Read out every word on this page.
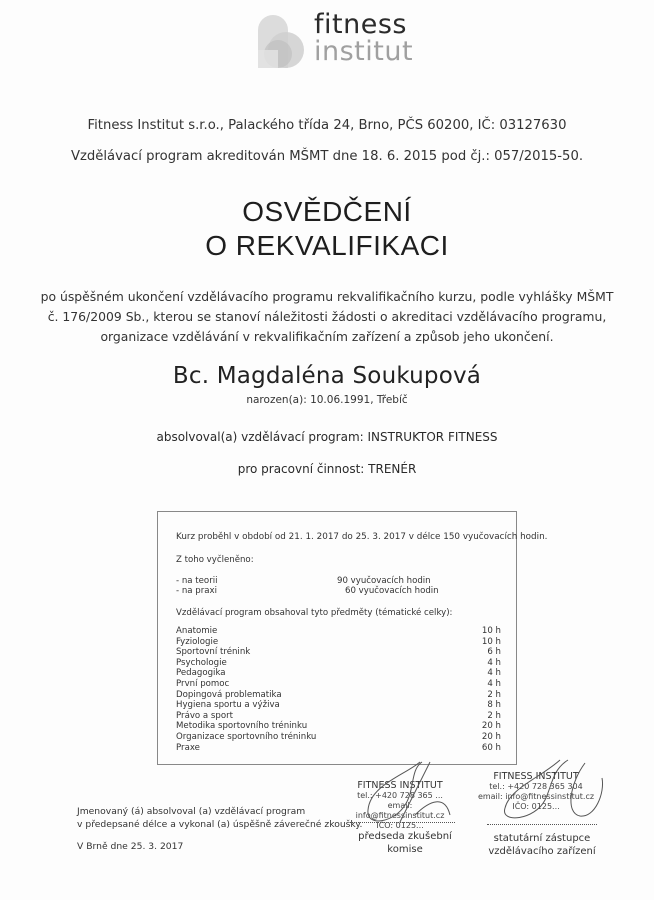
fitness
institut
Fitness Institut s.r.o., Palackého třída 24, Brno, PČS 60200, IČ: 03127630
Vzdělávací program akreditován MŠMT dne 18. 6. 2015 pod čj.: 057/2015-50.
OSVĚDČENÍ
O REKVALIFIKACI
po úspěšném ukončení vzdělávacího programu rekvalifikačního kurzu, podle vyhlášky MŠMT
č. 176/2009 Sb., kterou se stanoví náležitosti žádosti o akreditaci vzdělávacího programu,
organizace vzdělávání v rekvalifikačním zařízení a způsob jeho ukončení.
Bc. Magdaléna Soukupová
narozen(a): 10.06.1991, Třebíč
absolvoval(a) vzdělávací program: INSTRUKTOR FITNESS
pro pracovní činnost: TRENÉR
Kurz proběhl v období od 21. 1. 2017 do 25. 3. 2017 v délce 150 vyučovacích hodin.
Z toho vyčleněno:
- na teorii	90 vyučovacích hodin
- na praxi	60 vyučovacích hodin
Vzdělávací program obsahoval tyto předměty (tématické celky):
Anatomie	10 h
Fyziologie	10 h
Sportovní trénink	6 h
Psychologie	4 h
Pedagogika	4 h
První pomoc	4 h
Dopingová problematika	2 h
Hygiena sportu a výživa	8 h
Právo a sport	2 h
Metodika sportovního tréninku	20 h
Organizace sportovního tréninku	20 h
Praxe	60 h
Jmenovaný (á) absolvoval (a) vzdělávací program
v předepsané délce a vykonal (a) úspěšně záverečné zkoušky.
V Brně dne 25. 3. 2017
FITNESS INSTITUT
tel.: +420 728 365 ...
email: info@fitnessinstitut.cz
IČO: 0125...
předseda zkušební komise
FITNESS INSTITUT
tel.: +420 728 365 304
email: info@fitnessinstitut.cz
IČO: 0125...
statutární zástupce
vzdělávacího zařízení
